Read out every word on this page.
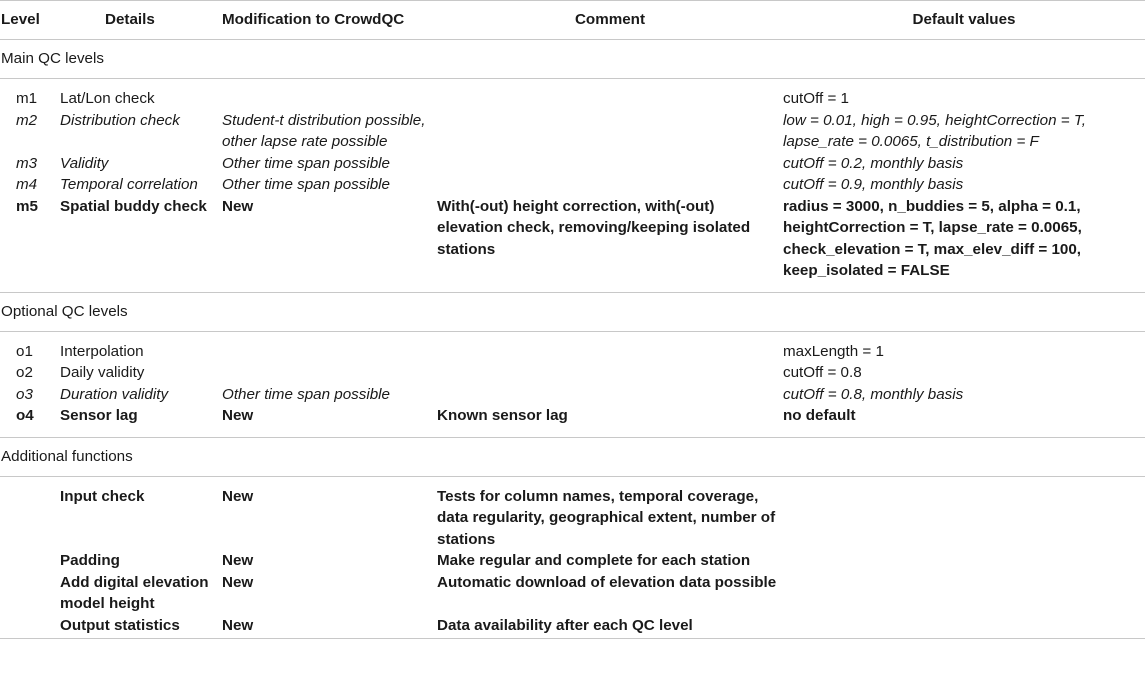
Level	Details	Modification to CrowdQC	Comment	Default values
Main QC levels				
m1	Lat/Lon check			cutOff = 1
m2	Distribution check	Student-t distribution possible, other lapse rate possible		low = 0.01, high = 0.95, heightCorrection = T, lapse_rate = 0.0065, t_distribution = F
m3	Validity	Other time span possible		cutOff = 0.2, monthly basis
m4	Temporal correlation	Other time span possible		cutOff = 0.9, monthly basis
m5	Spatial buddy check	New	With(-out) height correction, with(-out) elevation check, removing/keeping isolated stations	radius = 3000, n_buddies = 5, alpha = 0.1, heightCorrection = T, lapse_rate = 0.0065, check_elevation = T, max_elev_diff = 100, keep_isolated = FALSE
Optional QC levels				
o1	Interpolation			maxLength = 1
o2	Daily validity			cutOff = 0.8
o3	Duration validity	Other time span possible		cutOff = 0.8, monthly basis
o4	Sensor lag	New	Known sensor lag	no default
Additional functions				
	Input check	New	Tests for column names, temporal coverage, data regularity, geographical extent, number of stations	
	Padding	New	Make regular and complete for each station	
	Add digital elevation model height	New	Automatic download of elevation data possible	
	Output statistics	New	Data availability after each QC level	
